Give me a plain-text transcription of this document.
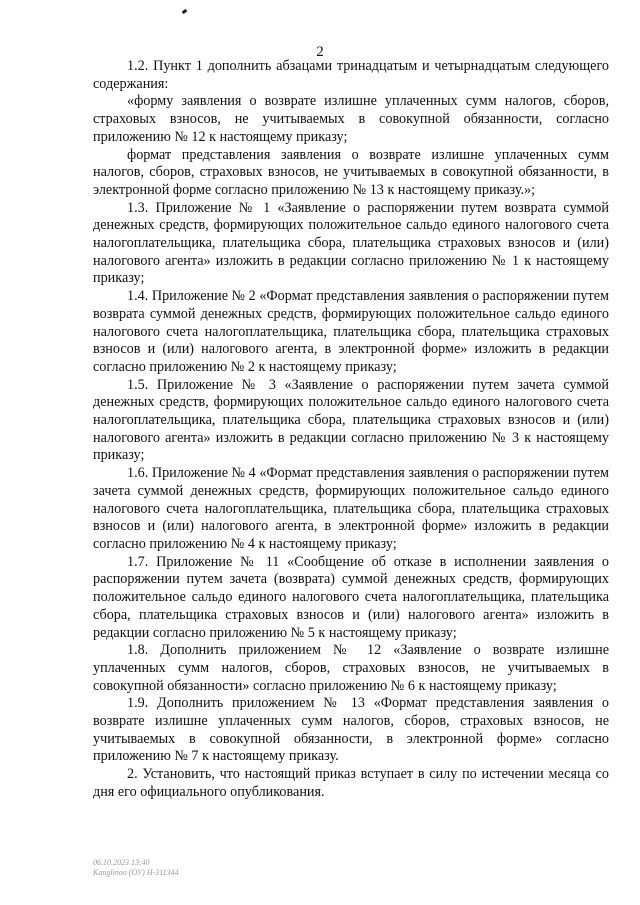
2

1.2. Пункт 1 дополнить абзацами тринадцатым и четырнадцатым следующего содержания:

«форму заявления о возврате излишне уплаченных сумм налогов, сборов, страховых взносов, не учитываемых в совокупной обязанности, согласно приложению № 12 к настоящему приказу;

формат представления заявления о возврате излишне уплаченных сумм налогов, сборов, страховых взносов, не учитываемых в совокупной обязанности, в электронной форме согласно приложению № 13 к настоящему приказу.»;

1.3. Приложение № 1 «Заявление о распоряжении путем возврата суммой денежных средств, формирующих положительное сальдо единого налогового счета налогоплательщика, плательщика сбора, плательщика страховых взносов и (или) налогового агента» изложить в редакции согласно приложению № 1 к настоящему приказу;

1.4. Приложение № 2 «Формат представления заявления о распоряжении путем возврата суммой денежных средств, формирующих положительное сальдо единого налогового счета налогоплательщика, плательщика сбора, плательщика страховых взносов и (или) налогового агента, в электронной форме» изложить в редакции согласно приложению № 2 к настоящему приказу;

1.5. Приложение № 3 «Заявление о распоряжении путем зачета суммой денежных средств, формирующих положительное сальдо единого налогового счета налогоплательщика, плательщика сбора, плательщика страховых взносов и (или) налогового агента» изложить в редакции согласно приложению № 3 к настоящему приказу;

1.6. Приложение № 4 «Формат представления заявления о распоряжении путем зачета суммой денежных средств, формирующих положительное сальдо единого налогового счета налогоплательщика, плательщика сбора, плательщика страховых взносов и (или) налогового агента, в электронной форме» изложить в редакции согласно приложению № 4 к настоящему приказу;

1.7. Приложение № 11 «Сообщение об отказе в исполнении заявления о распоряжении путем зачета (возврата) суммой денежных средств, формирующих положительное сальдо единого налогового счета налогоплательщика, плательщика сбора, плательщика страховых взносов и (или) налогового агента» изложить в редакции согласно приложению № 5 к настоящему приказу;

1.8. Дополнить приложением № 12 «Заявление о возврате излишне уплаченных сумм налогов, сборов, страховых взносов, не учитываемых в совокупной обязанности» согласно приложению № 6 к настоящему приказу;

1.9. Дополнить приложением № 13 «Формат представления заявления о возврате излишне уплаченных сумм налогов, сборов, страховых взносов, не учитываемых в совокупной обязанности, в электронной форме» согласно приложению № 7 к настоящему приказу.

2. Установить, что настоящий приказ вступает в силу по истечении месяца со дня его официального опубликования.

06.10.2023 13:40
Kanglinoo (ОУ) Н-311344
